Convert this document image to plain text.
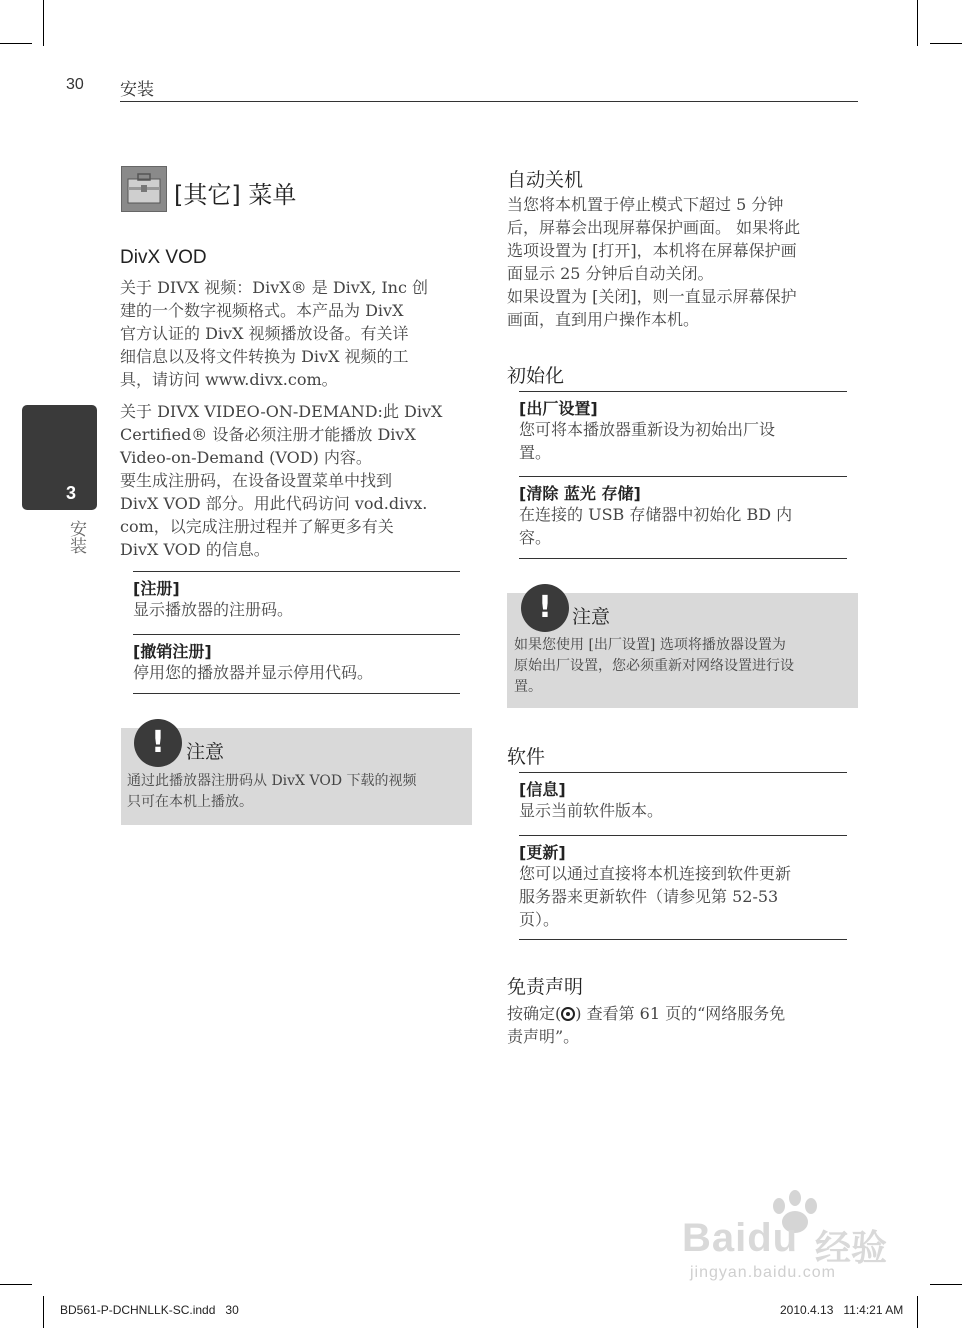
30 安装
3
安装
[其它] 菜单
DivX VOD
关于 DIVX 视频：DivX® 是 DivX, Inc 创
建的一个数字视频格式。本产品为 DivX
官方认证的 DivX 视频播放设备。有关详
细信息以及将文件转换为 DivX 视频的工
具，请访问 www.divx.com。
关于 DIVX VIDEO-ON-DEMAND:此 DivX
Certified® 设备必须注册才能播放 DivX
Video-on-Demand (VOD) 内容。
要生成注册码，在设备设置菜单中找到
DivX VOD 部分。用此代码访问 vod.divx.
com，以完成注册过程并了解更多有关
DivX VOD 的信息。
[注册]
显示播放器的注册码。
[撤销注册]
停用您的播放器并显示停用代码。
!	注意
通过此播放器注册码从 DivX VOD 下载的视频
只可在本机上播放。
自动关机
当您将本机置于停止模式下超过 5 分钟
后，屏幕会出现屏幕保护画面。 如果将此
选项设置为 [打开]，本机将在屏幕保护画
面显示 25 分钟后自动关闭。
如果设置为 [关闭]，则一直显示屏幕保护
画面，直到用户操作本机。
初始化
[出厂设置]
您可将本播放器重新设为初始出厂设
置。
[清除 蓝光 存储]
在连接的 USB 存储器中初始化 BD 内
容。
!	注意
如果您使用 [出厂设置] 选项将播放器设置为
原始出厂设置，您必须重新对网络设置进行设
置。
软件
[信息]
显示当前软件版本。
[更新]
您可以通过直接将本机连接到软件更新
服务器来更新软件（请参见第 52-53
页）。
免责声明
按确定( ) 查看第 61 页的“网络服务免
责声明”。
Baidu 经验
jingyan.baidu.com
BD561-P-DCHNLLK-SC.indd   30	2010.4.13   11:4:21 AM
